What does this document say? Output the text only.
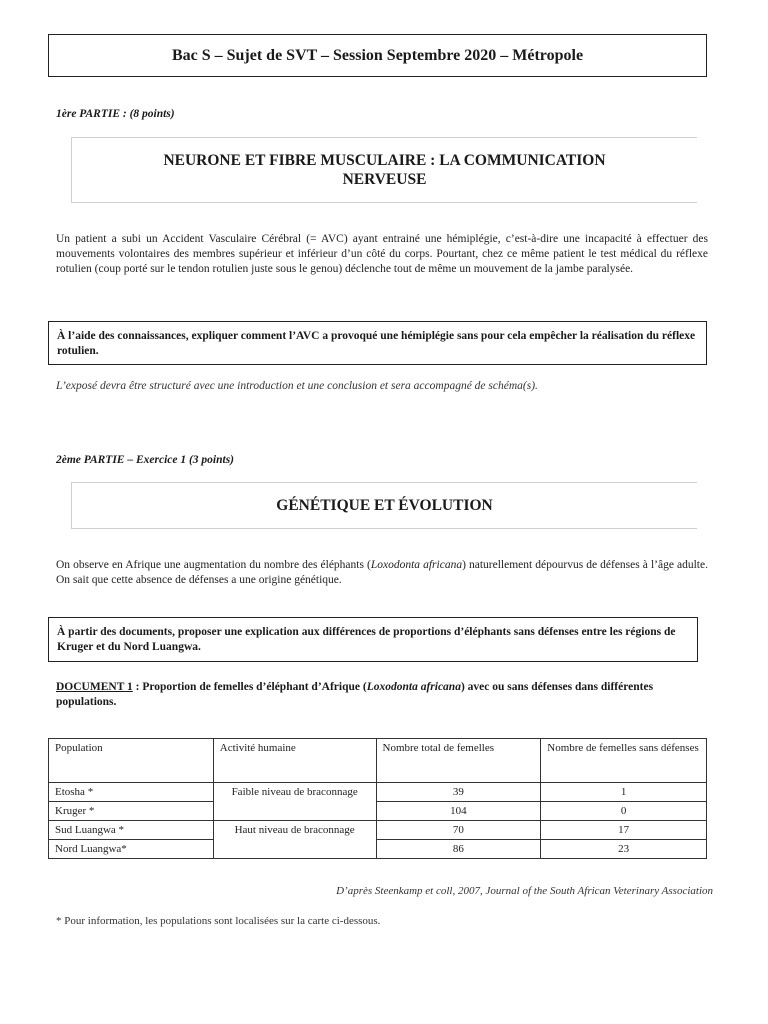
Bac S – Sujet de SVT – Session Septembre 2020 – Métropole
1ère PARTIE : (8 points)
NEURONE ET FIBRE MUSCULAIRE : LA COMMUNICATION
NERVEUSE
Un patient a subi un Accident Vasculaire Cérébral (= AVC) ayant entrainé une hémiplégie, c’est-à-dire une incapacité à effectuer des mouvements volontaires des membres supérieur et inférieur d’un côté du corps. Pourtant, chez ce même patient le test médical du réflexe rotulien (coup porté sur le tendon rotulien juste sous le genou) déclenche tout de même un mouvement de la jambe paralysée.
À l’aide des connaissances, expliquer comment l’AVC a provoqué une hémiplégie sans pour cela empêcher la réalisation du réflexe rotulien.
L’exposé devra être structuré avec une introduction et une conclusion et sera accompagné de schéma(s).
2ème PARTIE – Exercice 1 (3 points)
GÉNÉTIQUE ET ÉVOLUTION
On observe en Afrique une augmentation du nombre des éléphants (Loxodonta africana) naturellement dépourvus de défenses à l’âge adulte. On sait que cette absence de défenses a une origine génétique.
À partir des documents, proposer une explication aux différences de proportions d’éléphants sans défenses entre les régions de Kruger et du Nord Luangwa.
DOCUMENT 1 : Proportion de femelles d’éléphant d’Afrique (Loxodonta africana) avec ou sans défenses dans différentes populations.
Population	Activité humaine	Nombre total de femelles	Nombre de femelles sans défenses
Etosha *	Faible niveau de braconnage	39	1
Kruger *		104	0
Sud Luangwa *	Haut niveau de braconnage	70	17
Nord Luangwa*		86	23
D’après Steenkamp et coll, 2007, Journal of the South African Veterinary Association
* Pour information, les populations sont localisées sur la carte ci-dessous.
